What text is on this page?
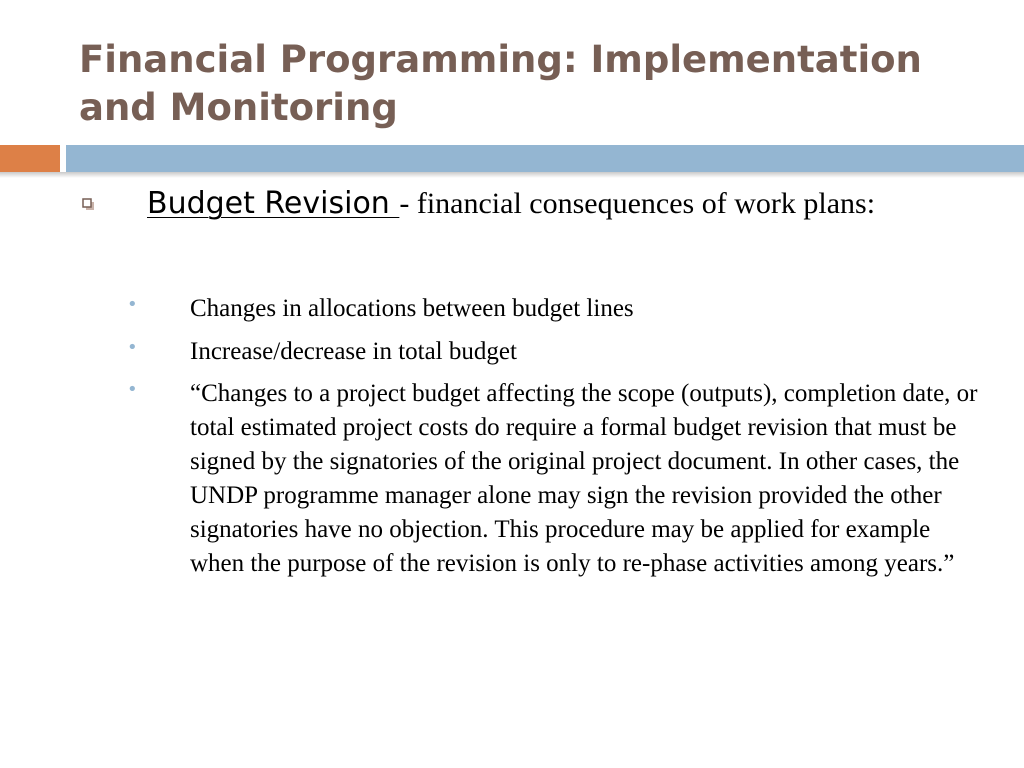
Financial Programming: Implementation and Monitoring
Budget Revision - financial consequences of work plans:
• Changes in allocations between budget lines
• Increase/decrease in total budget
• “Changes to a project budget affecting the scope (outputs), completion date, or total estimated project costs do require a formal budget revision that must be signed by the signatories of the original project document. In other cases, the UNDP programme manager alone may sign the revision provided the other signatories have no objection. This procedure may be applied for example when the purpose of the revision is only to re-phase activities among years.”
